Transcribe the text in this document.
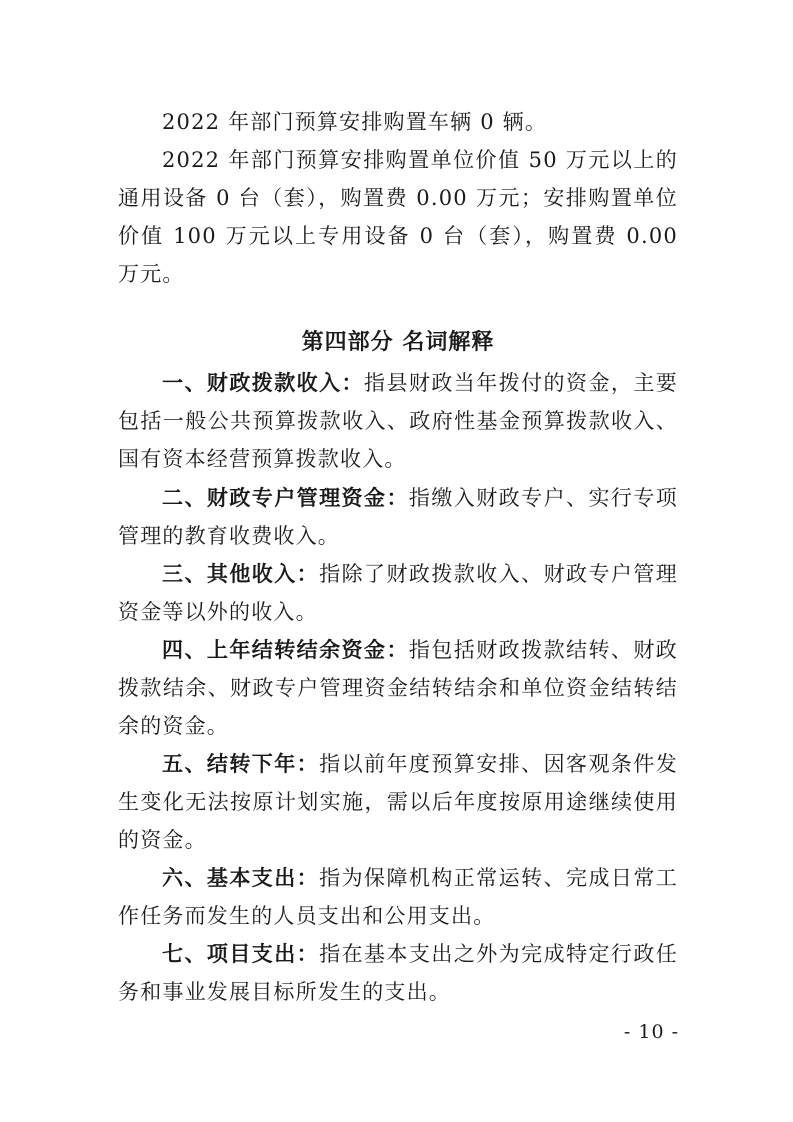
2022 年部门预算安排购置车辆 0 辆。

2022 年部门预算安排购置单位价值 50 万元以上的通用设备 0 台（套），购置费 0.00 万元；安排购置单位价值 100 万元以上专用设备 0 台（套），购置费 0.00 万元。

第四部分 名词解释

一、财政拨款收入：指县财政当年拨付的资金，主要包括一般公共预算拨款收入、政府性基金预算拨款收入、国有资本经营预算拨款收入。

二、财政专户管理资金：指缴入财政专户、实行专项管理的教育收费收入。

三、其他收入：指除了财政拨款收入、财政专户管理资金等以外的收入。

四、上年结转结余资金：指包括财政拨款结转、财政拨款结余、财政专户管理资金结转结余和单位资金结转结余的资金。

五、结转下年：指以前年度预算安排、因客观条件发生变化无法按原计划实施，需以后年度按原用途继续使用的资金。

六、基本支出：指为保障机构正常运转、完成日常工作任务而发生的人员支出和公用支出。

七、项目支出：指在基本支出之外为完成特定行政任务和事业发展目标所发生的支出。

- 10 -
